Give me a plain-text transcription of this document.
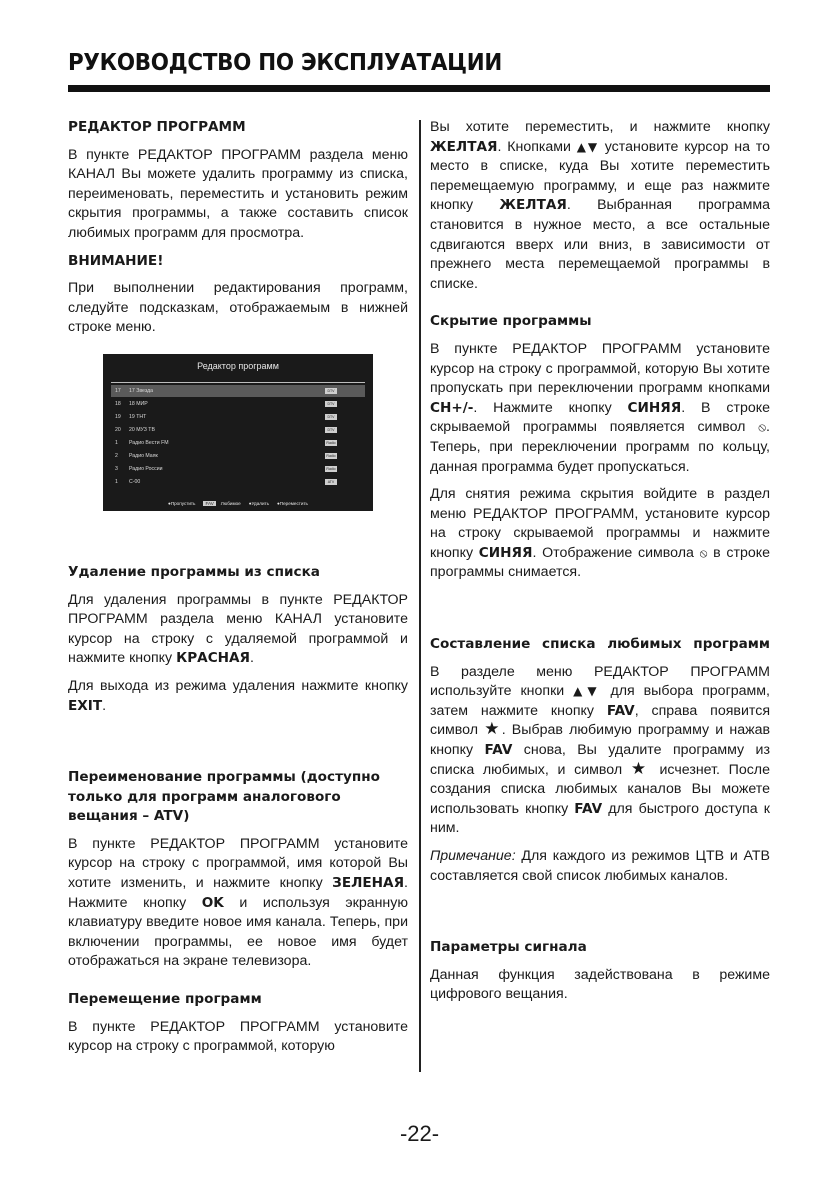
РУКОВОДСТВО ПО ЭКСПЛУАТАЦИИ
РЕДАКТОР ПРОГРАММ

В пункте РЕДАКТОР ПРОГРАММ раздела меню КАНАЛ Вы можете удалить программу из списка, переименовать, переместить и установить режим скрытия программы, а также составить список любимых программ для просмотра.

ВНИМАНИЕ!

При выполнении редактирования программ, следуйте подсказкам, отображаемым в нижней строке меню.

Редактор программ
17	17 Звезда	DTV
18	18 МИР	DTV
19	19 ТНТ	DTV
20	20 МУЗ ТВ	DTV
1	Радио Вести FM	Radio
2	Радио Маяк	Radio
3	Радио России	Radio
1	C-00	ATV
●Пропустить FAV Любимое ●Удалить ●Переместить
Удаление программы из списка

Для удаления программы в пункте РЕДАКТОР ПРОГРАММ раздела меню КАНАЛ установите курсор на строку с удаляемой программой и нажмите кнопку КРАСНАЯ.

Для выхода из режима удаления нажмите кнопку EXIT.

Переименование программы (доступно только для программ аналогового вещания – ATV)

В пункте РЕДАКТОР ПРОГРАММ установите курсор на строку с программой, имя которой Вы хотите изменить, и нажмите кнопку ЗЕЛЕНАЯ. Нажмите кнопку OK и используя экранную клавиатуру введите новое имя канала. Теперь, при включении программы, ее новое имя будет отображаться на экране телевизора.

Перемещение программ

В пункте РЕДАКТОР ПРОГРАММ установите курсор на строку с программой, которую

Вы хотите переместить, и нажмите кнопку ЖЕЛТАЯ. Кнопками ▲▼ установите курсор на то место в списке, куда Вы хотите переместить перемещаемую программу, и еще раз нажмите кнопку ЖЕЛТАЯ. Выбранная программа становится в нужное место, а все остальные сдвигаются вверх или вниз, в зависимости от прежнего места перемещаемой программы в списке.

Скрытие программы

В пункте РЕДАКТОР ПРОГРАММ установите курсор на строку с программой, которую Вы хотите пропускать при переключении программ кнопками CH+/-. Нажмите кнопку СИНЯЯ. В строке скрываемой программы появляется символ ⦸. Теперь, при переключении программ по кольцу, данная программа будет пропускаться.

Для снятия режима скрытия войдите в раздел меню РЕДАКТОР ПРОГРАММ, установите курсор на строку скрываемой программы и нажмите кнопку СИНЯЯ. Отображение символа ⦸ в строке программы снимается.

Составление списка любимых программ

В разделе меню РЕДАКТОР ПРОГРАММ используйте кнопки ▲▼ для выбора программ, затем нажмите кнопку FAV, справа появится символ ★. Выбрав любимую программу и нажав кнопку FAV снова, Вы удалите программу из списка любимых, и символ ★ исчезнет. После создания списка любимых каналов Вы можете использовать кнопку FAV для быстрого доступа к ним.

Примечание: Для каждого из режимов ЦТВ и АТВ составляется свой список любимых каналов.

Параметры сигнала

Данная функция задействована в режиме цифрового вещания.

-22-
